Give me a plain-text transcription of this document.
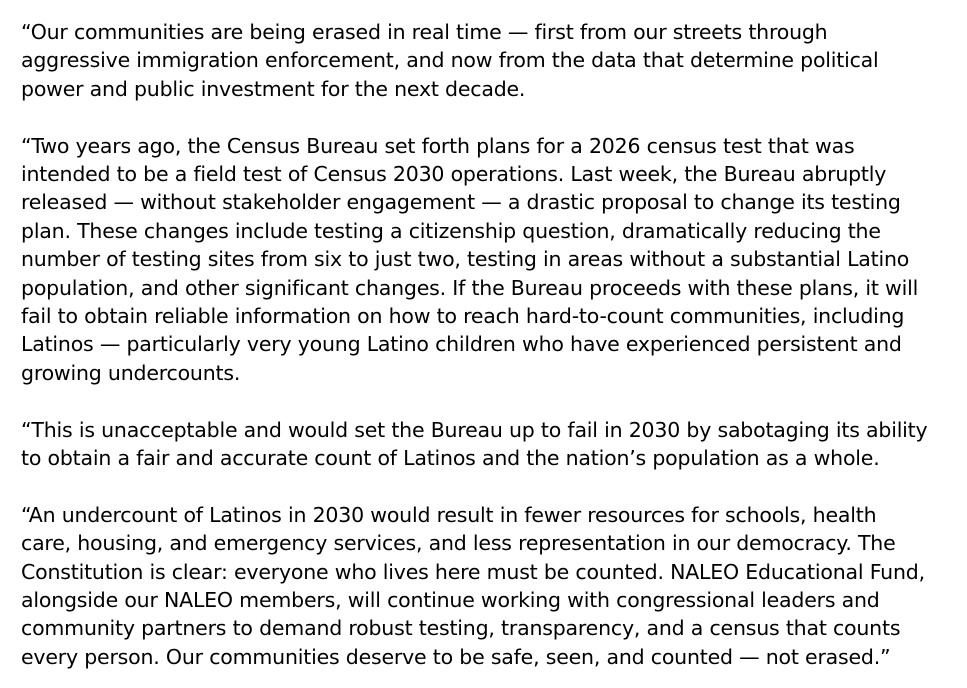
“Our communities are being erased in real time — first from our streets through
aggressive immigration enforcement, and now from the data that determine political
power and public investment for the next decade.

“Two years ago, the Census Bureau set forth plans for a 2026 census test that was
intended to be a field test of Census 2030 operations. Last week, the Bureau abruptly
released — without stakeholder engagement — a drastic proposal to change its testing
plan. These changes include testing a citizenship question, dramatically reducing the
number of testing sites from six to just two, testing in areas without a substantial Latino
population, and other significant changes. If the Bureau proceeds with these plans, it will
fail to obtain reliable information on how to reach hard-to-count communities, including
Latinos — particularly very young Latino children who have experienced persistent and
growing undercounts.

“This is unacceptable and would set the Bureau up to fail in 2030 by sabotaging its ability
to obtain a fair and accurate count of Latinos and the nation’s population as a whole.

“An undercount of Latinos in 2030 would result in fewer resources for schools, health
care, housing, and emergency services, and less representation in our democracy. The
Constitution is clear: everyone who lives here must be counted. NALEO Educational Fund,
alongside our NALEO members, will continue working with congressional leaders and
community partners to demand robust testing, transparency, and a census that counts
every person. Our communities deserve to be safe, seen, and counted — not erased.”
